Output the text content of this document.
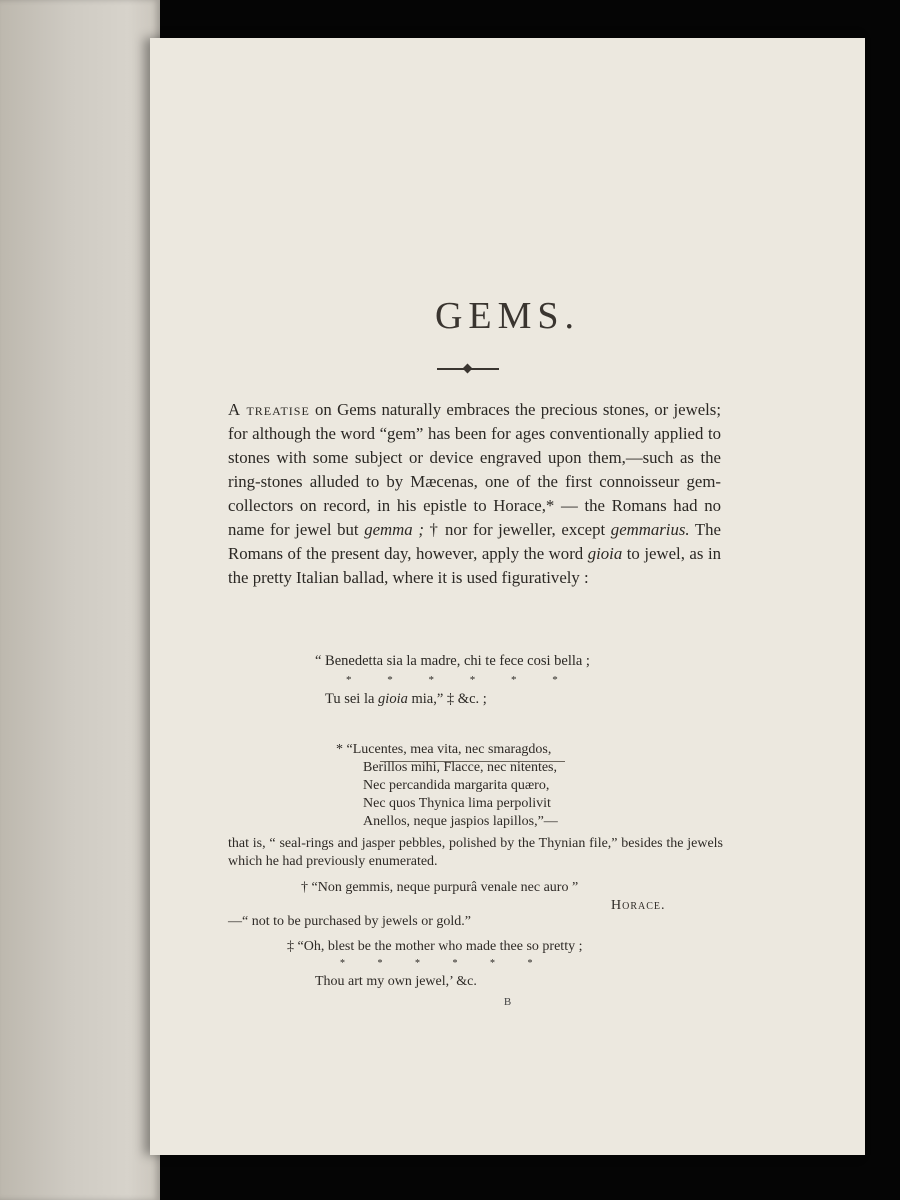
GEMS.

A treatise on Gems naturally embraces the precious stones, or jewels; for although the word “gem” has been for ages conventionally applied to stones with some subject or device engraved upon them,—such as the ring-stones alluded to by Mæcenas, one of the first connoisseur gem-collectors on record, in his epistle to Horace,* — the Romans had no name for jewel but gemma ; † nor for jeweller, except gemmarius. The Romans of the present day, however, apply the word gioia to jewel, as in the pretty Italian ballad, where it is used figuratively :

“ Benedetta sia la madre, chi te fece cosi bella ;
*             *             *             *             *             *
Tu sei la gioia mia,” ‡ &c. ;
* “Lucentes, mea vita, nec smaragdos,
Berillos mihi, Flacce, nec nitentes,
Nec percandida margarita quæro,
Nec quos Thynica lima perpolivit
Anellos, neque jaspios lapillos,”—
that is, “ seal-rings and jasper pebbles, polished by the Thynian file,” besides the jewels which he had previously enumerated.
† “Non gemmis, neque purpurâ venale nec auro ”
Horace.
—“ not to be purchased by jewels or gold.”
‡ “Oh, blest be the mother who made thee so pretty ;
*             *             *             *             *             *
Thou art my own jewel,’ &c.
B
